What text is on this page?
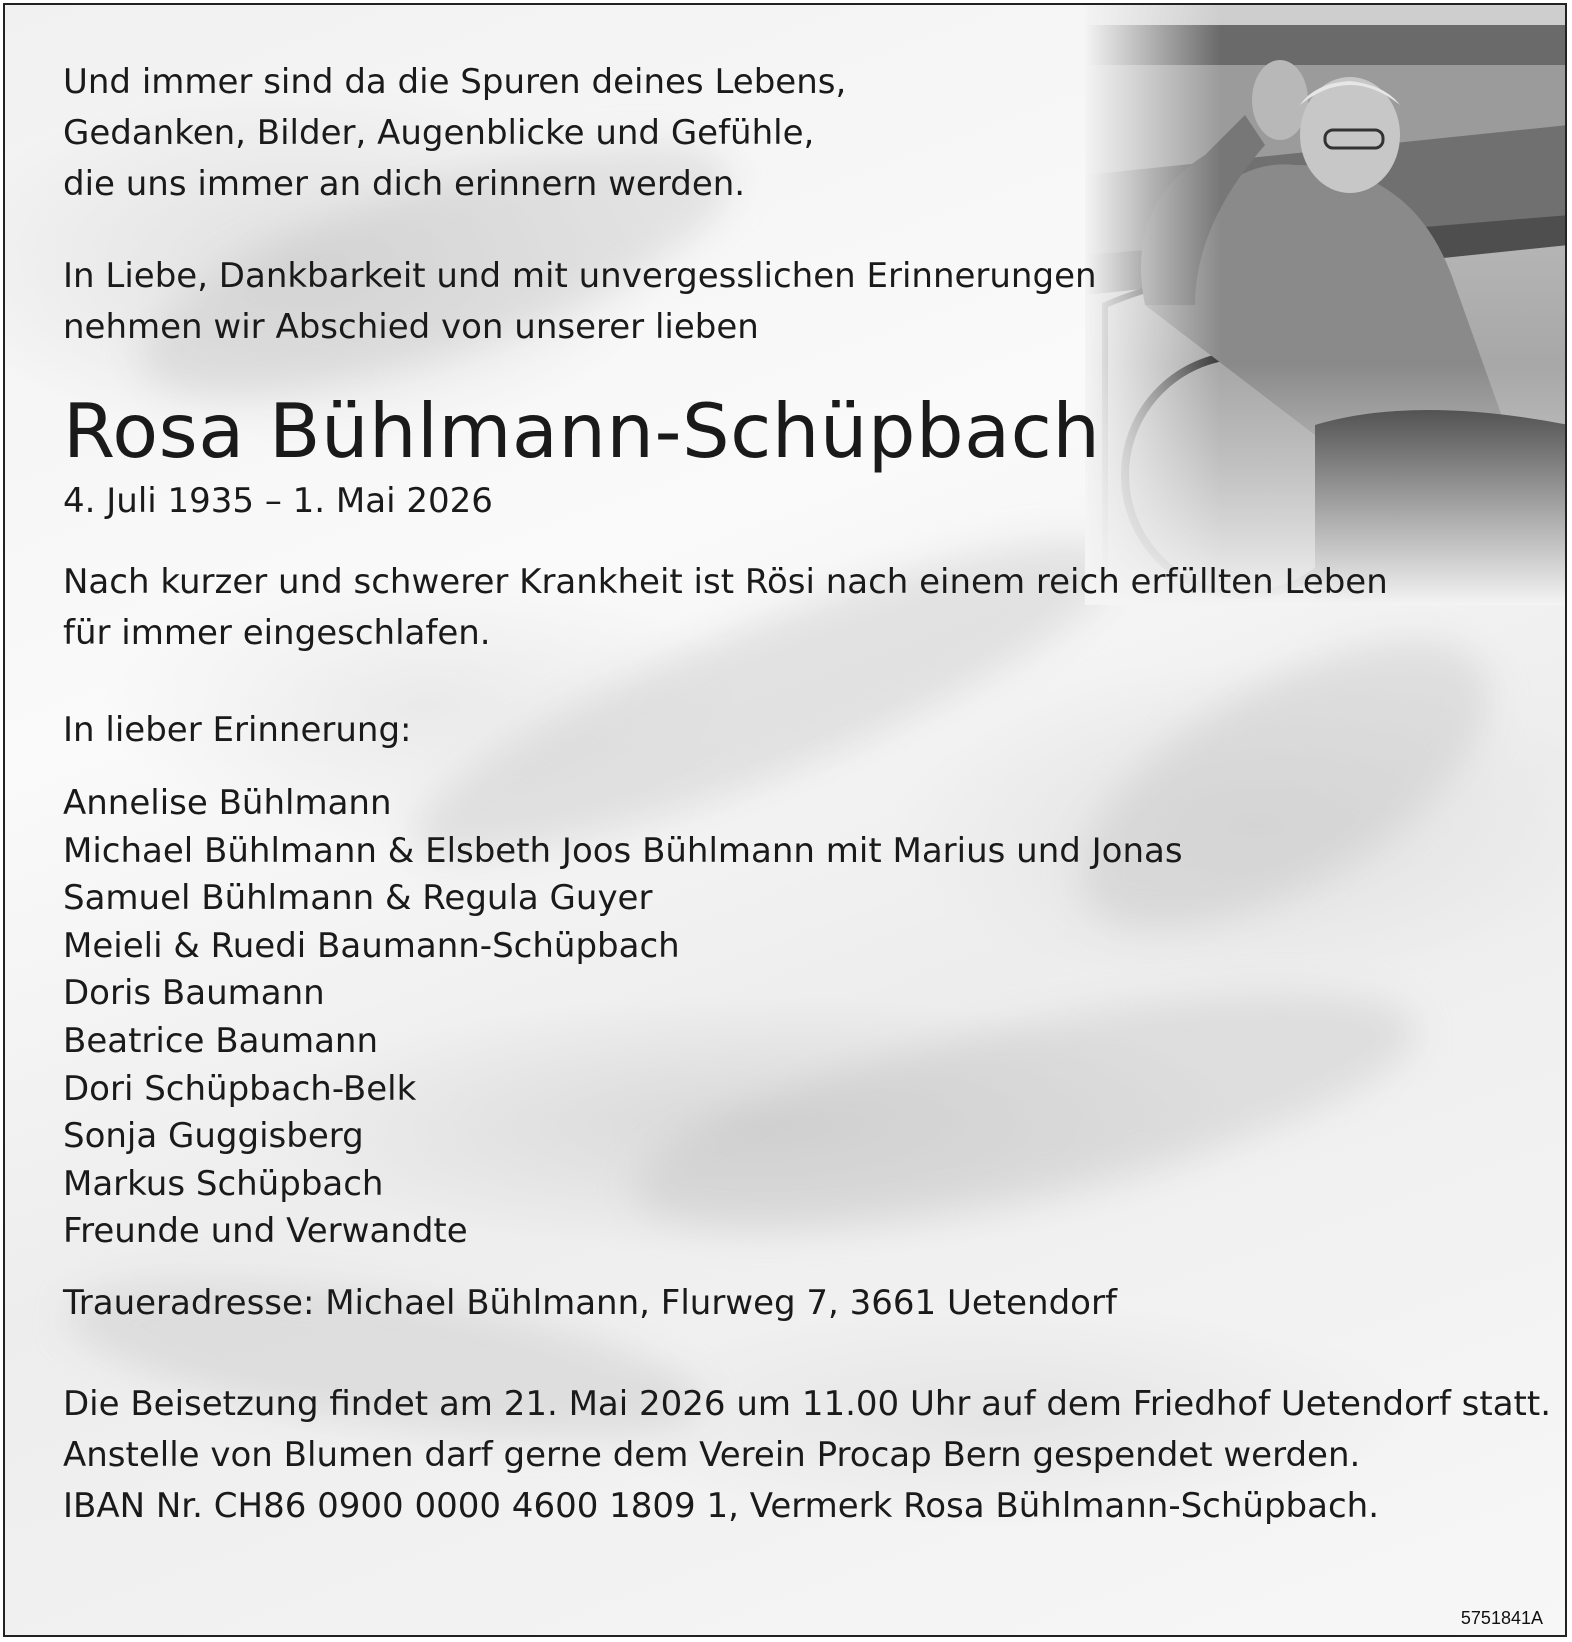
Und immer sind da die Spuren deines Lebens,
Gedanken, Bilder, Augenblicke und Gefühle,
die uns immer an dich erinnern werden.
In Liebe, Dankbarkeit und mit unvergesslichen Erinnerungen
nehmen wir Abschied von unserer lieben
Rosa Bühlmann-Schüpbach
4. Juli 1935 – 1. Mai 2026
Nach kurzer und schwerer Krankheit ist Rösi nach einem reich erfüllten Leben
für immer eingeschlafen.
In lieber Erinnerung:
Annelise Bühlmann
Michael Bühlmann & Elsbeth Joos Bühlmann mit Marius und Jonas
Samuel Bühlmann & Regula Guyer
Meieli & Ruedi Baumann-Schüpbach
Doris Baumann
Beatrice Baumann
Dori Schüpbach-Belk
Sonja Guggisberg
Markus Schüpbach
Freunde und Verwandte
Traueradresse: Michael Bühlmann, Flurweg 7, 3661 Uetendorf
Die Beisetzung findet am 21. Mai 2026 um 11.00 Uhr auf dem Friedhof Uetendorf statt.
Anstelle von Blumen darf gerne dem Verein Procap Bern gespendet werden.
IBAN Nr. CH86 0900 0000 4600 1809 1, Vermerk Rosa Bühlmann-Schüpbach.
5751841A
